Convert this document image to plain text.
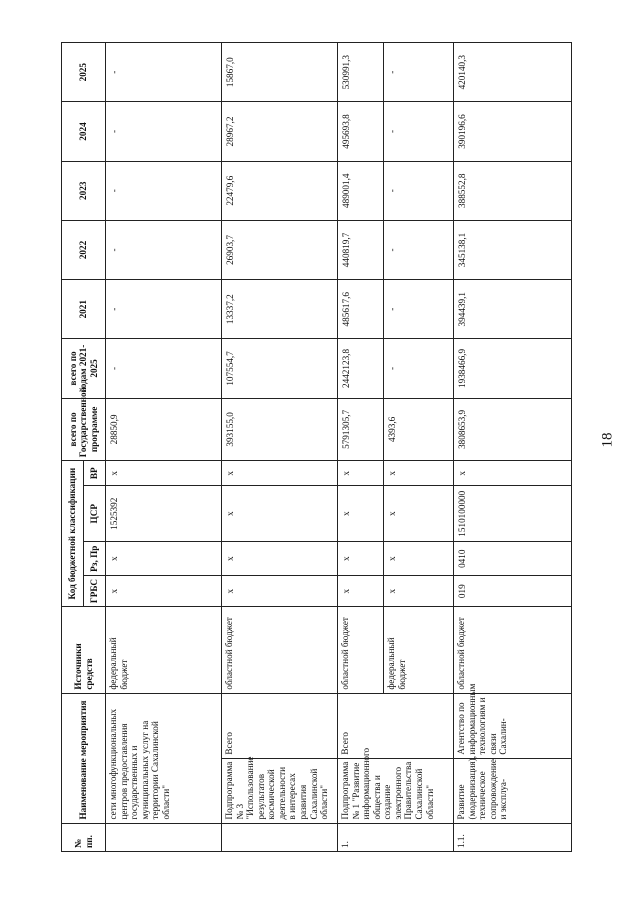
18
№ пп.	Наименование мероприятия		Источники средств	Код бюджетной классификации				всего по Государственной программе	всего по годам 2021-2025	2021	2022	2023	2024	2025
				ГРБС	Рз, Пр	ЦСР	ВР							
	сети многофункциональных центров предоставления государственных и муниципальных услуг на территории Сахалинской области"		федеральный бюджет	x	x	1525392	x	28850,9	-	-	-	-	-	-
	Подпрограмма № 3 "Использование результатов космической деятельности в интересах развития Сахалинской области"	Всего	областной бюджет	x	x	x	x	393155,0	107554,7	13337,2	26903,7	22479,6	28967,2	15867,0
1.	Подпрограмма № 1 "Развитие информационного общества и создание электронного Правительства Сахалинской области"	Всего	областной бюджет	x	x	x	x	5791305,7	2442123,8	485617,6	440819,7	489001,4	495693,8	530991,3
			федеральный бюджет	x	x	x	x	4393,6	-	-	-	-	-	-
1.1.	Развитие (модернизация), техническое сопровождение и эксплуа-	Агентство по информационным технологиям и связи Сахалин-	областной бюджет	019	0410	1510100000	x	3808653,9	1938466,9	394439,1	345138,1	388552,8	390196,6	420140,3
